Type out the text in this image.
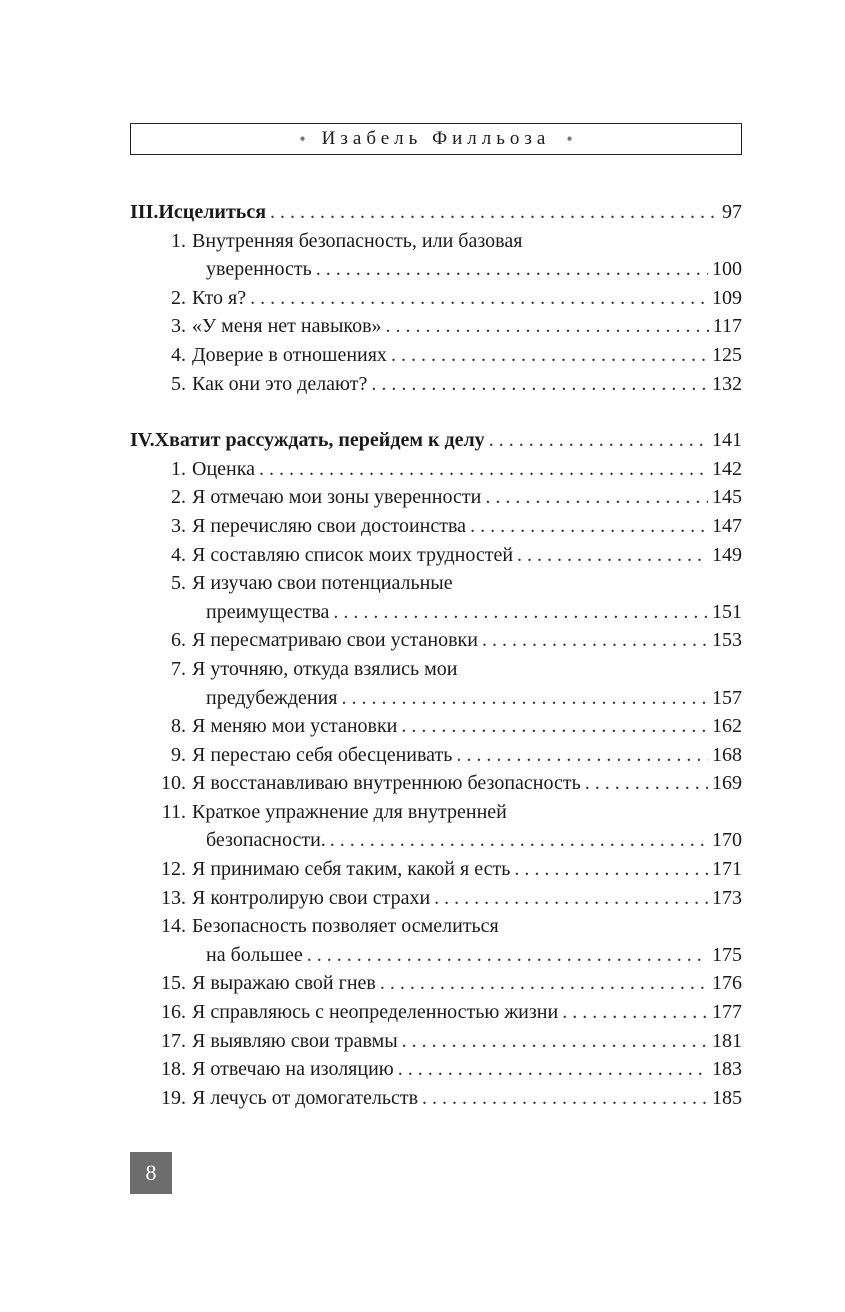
• Изабель Филльоза •
III. Исцелиться . . .	97
1. Внутренняя безопасность, или базовая
уверенность . . .	100
2. Кто я? . . .	109
3. «У меня нет навыков» . . .	117
4. Доверие в отношениях . . .	125
5. Как они это делают? . . .	132
IV. Хватит рассуждать, перейдем к делу . . .	141
1. Оценка . . .	142
2. Я отмечаю мои зоны уверенности . . .	145
3. Я перечисляю свои достоинства . . .	147
4. Я составляю список моих трудностей . . .	149
5. Я изучаю свои потенциальные
преимущества . . .	151
6. Я пересматриваю свои установки . . .	153
7. Я уточняю, откуда взялись мои
предубеждения . . .	157
8. Я меняю мои установки . . .	162
9. Я перестаю себя обесценивать . . .	168
10. Я восстанавливаю внутреннюю безопасность . . .	169
11. Краткое упражнение для внутренней
безопасности. . . .	170
12. Я принимаю себя таким, какой я есть . . .	171
13. Я контролирую свои страхи . . .	173
14. Безопасность позволяет осмелиться
на большее . . .	175
15. Я выражаю свой гнев . . .	176
16. Я справляюсь с неопределенностью жизни . . .	177
17. Я выявляю свои травмы . . .	181
18. Я отвечаю на изоляцию . . .	183
19. Я лечусь от домогательств . . .	185
8
